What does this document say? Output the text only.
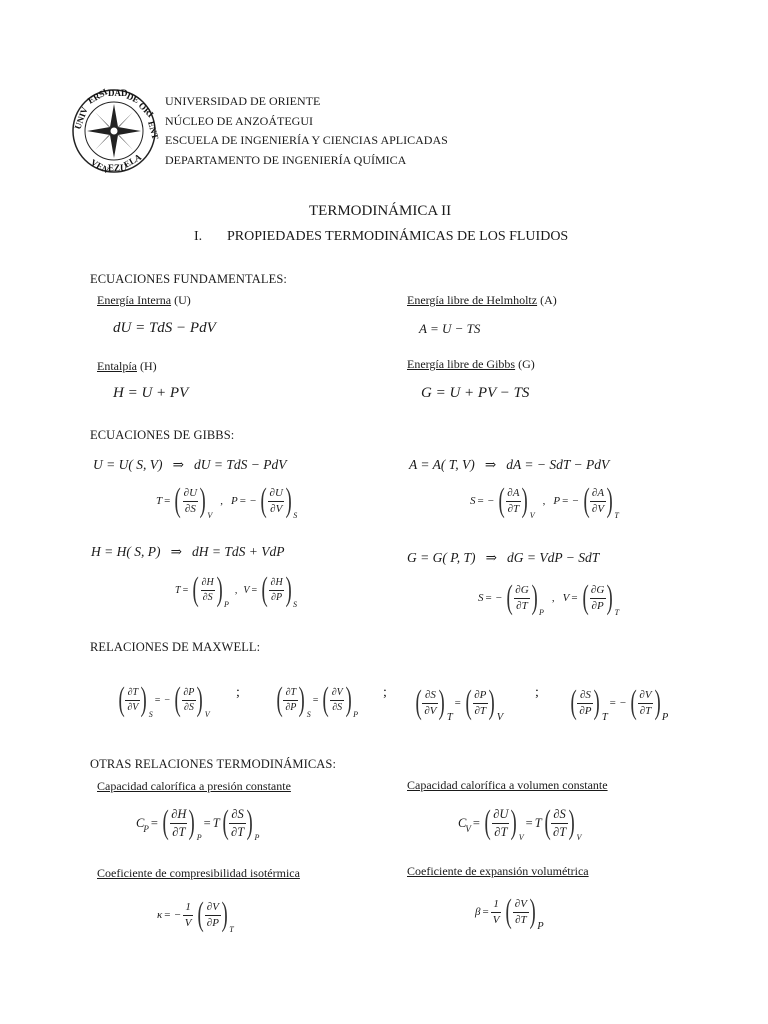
UNIV
ERSI
DAD
DE
ORI
ENT
VEN
EZU
ELA
UNIVERSIDAD DE ORIENTE
NÚCLEO DE ANZOÁTEGUI
ESCUELA DE INGENIERÍA Y CIENCIAS APLICADAS
DEPARTAMENTO DE INGENIERÍA QUÍMICA
TERMODINÁMICA II
I. PROPIEDADES TERMODINÁMICAS DE LOS FLUIDOS
ECUACIONES FUNDAMENTALES:
Energía Interna (U)
dU = TdS − PdV
Energía libre de Helmholtz (A)
A = U − TS
Entalpía (H)
H = U + PV
Energía libre de Gibbs (G)
G = U + PV − TS
ECUACIONES DE GIBBS:
U = U( S, V)   ⇒   dU = TdS − PdV	A = A( T, V)   ⇒   dA = − SdT − PdV
T = ( $\frac{\partial U}{\partial S}$ ) V
, P = − ( $\frac{\partial U}{\partial V}$ ) S
S = − ( $\frac{\partial A}{\partial T}$ ) V
, P = − ( $\frac{\partial A}{\partial V}$ ) T
H = H( S, P)   ⇒   dH = TdS + VdP	G = G( P, T)   ⇒   dG = VdP − SdT
T = ( $\frac{\partial H}{\partial S}$ ) P
, V = ( $\frac{\partial H}{\partial P}$ ) S
S = − ( $\frac{\partial G}{\partial T}$ ) P
, V = ( $\frac{\partial G}{\partial P}$ ) T
RELACIONES DE MAXWELL:
( $\frac{\partial T}{\partial V}$ ) S
= − ( $\frac{\partial P}{\partial S}$ ) V
; ( $\frac{\partial T}{\partial P}$ ) S
= ( $\frac{\partial V}{\partial S}$ ) P
; ( $\frac{\partial S}{\partial V}$ ) T
= ( $\frac{\partial P}{\partial T}$ ) V
; ( $\frac{\partial S}{\partial P}$ ) T
= − ( $\frac{\partial V}{\partial T}$ ) P
OTRAS RELACIONES TERMODINÁMICAS:
Capacidad calorífica a presión constante	Capacidad calorífica a volumen constante
C P = ( $\frac{\partial H}{\partial T}$ ) P
= T ( $\frac{\partial S}{\partial T}$ ) P
C V = ( $\frac{\partial U}{\partial T}$ ) V
= T ( $\frac{\partial S}{\partial T}$ ) V
Coeficiente de compresibilidad isotérmica	Coeficiente de expansión volumétrica
κ = − $\frac{1}{V}$ ( $\frac{\partial V}{\partial P}$ ) T
$\beta = \frac{1}{V}$ ( $\frac{\partial V}{\partial T}$ ) P
